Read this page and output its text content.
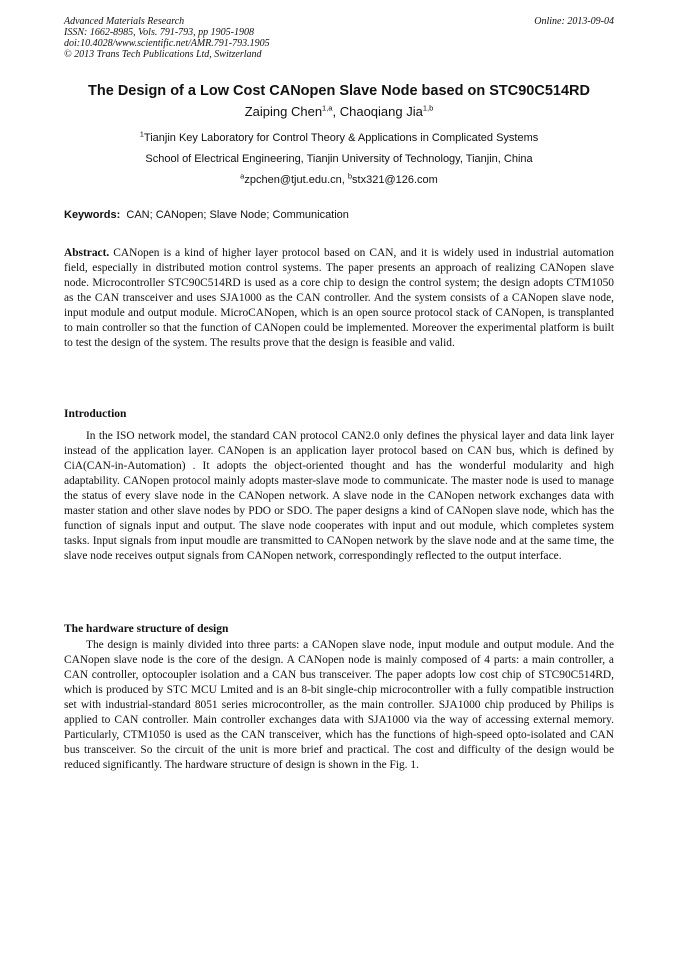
Advanced Materials Research
ISSN: 1662-8985, Vols. 791-793, pp 1905-1908
doi:10.4028/www.scientific.net/AMR.791-793.1905
© 2013 Trans Tech Publications Ltd, Switzerland
Online: 2013-09-04
The Design of a Low Cost CANopen Slave Node based on STC90C514RD
Zaiping Chen$^{1,a}$, Chaoqiang Jia$^{1,b}$
$^1$Tianjin Key Laboratory for Control Theory & Applications in Complicated Systems
School of Electrical Engineering, Tianjin University of Technology, Tianjin, China
$^a$zpchen@tjut.edu.cn, $^b$stx321@126.com
Keywords: CAN; CANopen; Slave Node; Communication

Abstract. CANopen is a kind of higher layer protocol based on CAN, and it is widely used in industrial automation field, especially in distributed motion control systems. The paper presents an approach of realizing CANopen slave node. Microcontroller STC90C514RD is used as a core chip to design the control system; the design adopts CTM1050 as the CAN transceiver and uses SJA1000 as the CAN controller. And the system consists of a CANopen slave node, input module and output module. MicroCANopen, which is an open source protocol stack of CANopen, is transplanted to main controller so that the function of CANopen could be implemented. Moreover the experimental platform is built to test the design of the system. The results prove that the design is feasible and valid.

Introduction

In the ISO network model, the standard CAN protocol CAN2.0 only defines the physical layer and data link layer instead of the application layer. CANopen is an application layer protocol based on CAN bus, which is defined by CiA(CAN-in-Automation) . It adopts the object-oriented thought and has the wonderful modularity and high adaptability. CANopen protocol mainly adopts master-slave mode to communicate. The master node is used to manage the status of every slave node in the CANopen network. A slave node in the CANopen network exchanges data with master station and other slave nodes by PDO or SDO. The paper designs a kind of CANopen slave node, which has the function of signals input and output. The slave node cooperates with input and out module, which completes system tasks. Input signals from input moudle are transmitted to CANopen network by the slave node and at the same time, the slave node receives output signals from CANopen network, correspondingly reflected to the output interface.

The hardware structure of design

The design is mainly divided into three parts: a CANopen slave node, input module and output module. And the CANopen slave node is the core of the design. A CANopen node is mainly composed of 4 parts: a main controller, a CAN controller, optocoupler isolation and a CAN bus transceiver. The paper adopts low cost chip of STC90C514RD, which is produced by STC MCU Lmited and is an 8-bit single-chip microcontroller with a fully compatible instruction set with industrial-standard 8051 series microcontroller, as the main controller. SJA1000 chip produced by Philips is applied to CAN controller. Main controller exchanges data with SJA1000 via the way of accessing external memory. Particularly, CTM1050 is used as the CAN transceiver, which has the functions of high-speed opto-isolated and CAN bus transceiver. So the circuit of the unit is more brief and practical. The cost and difficulty of the design would be reduced significantly. The hardware structure of design is shown in the Fig. 1.
